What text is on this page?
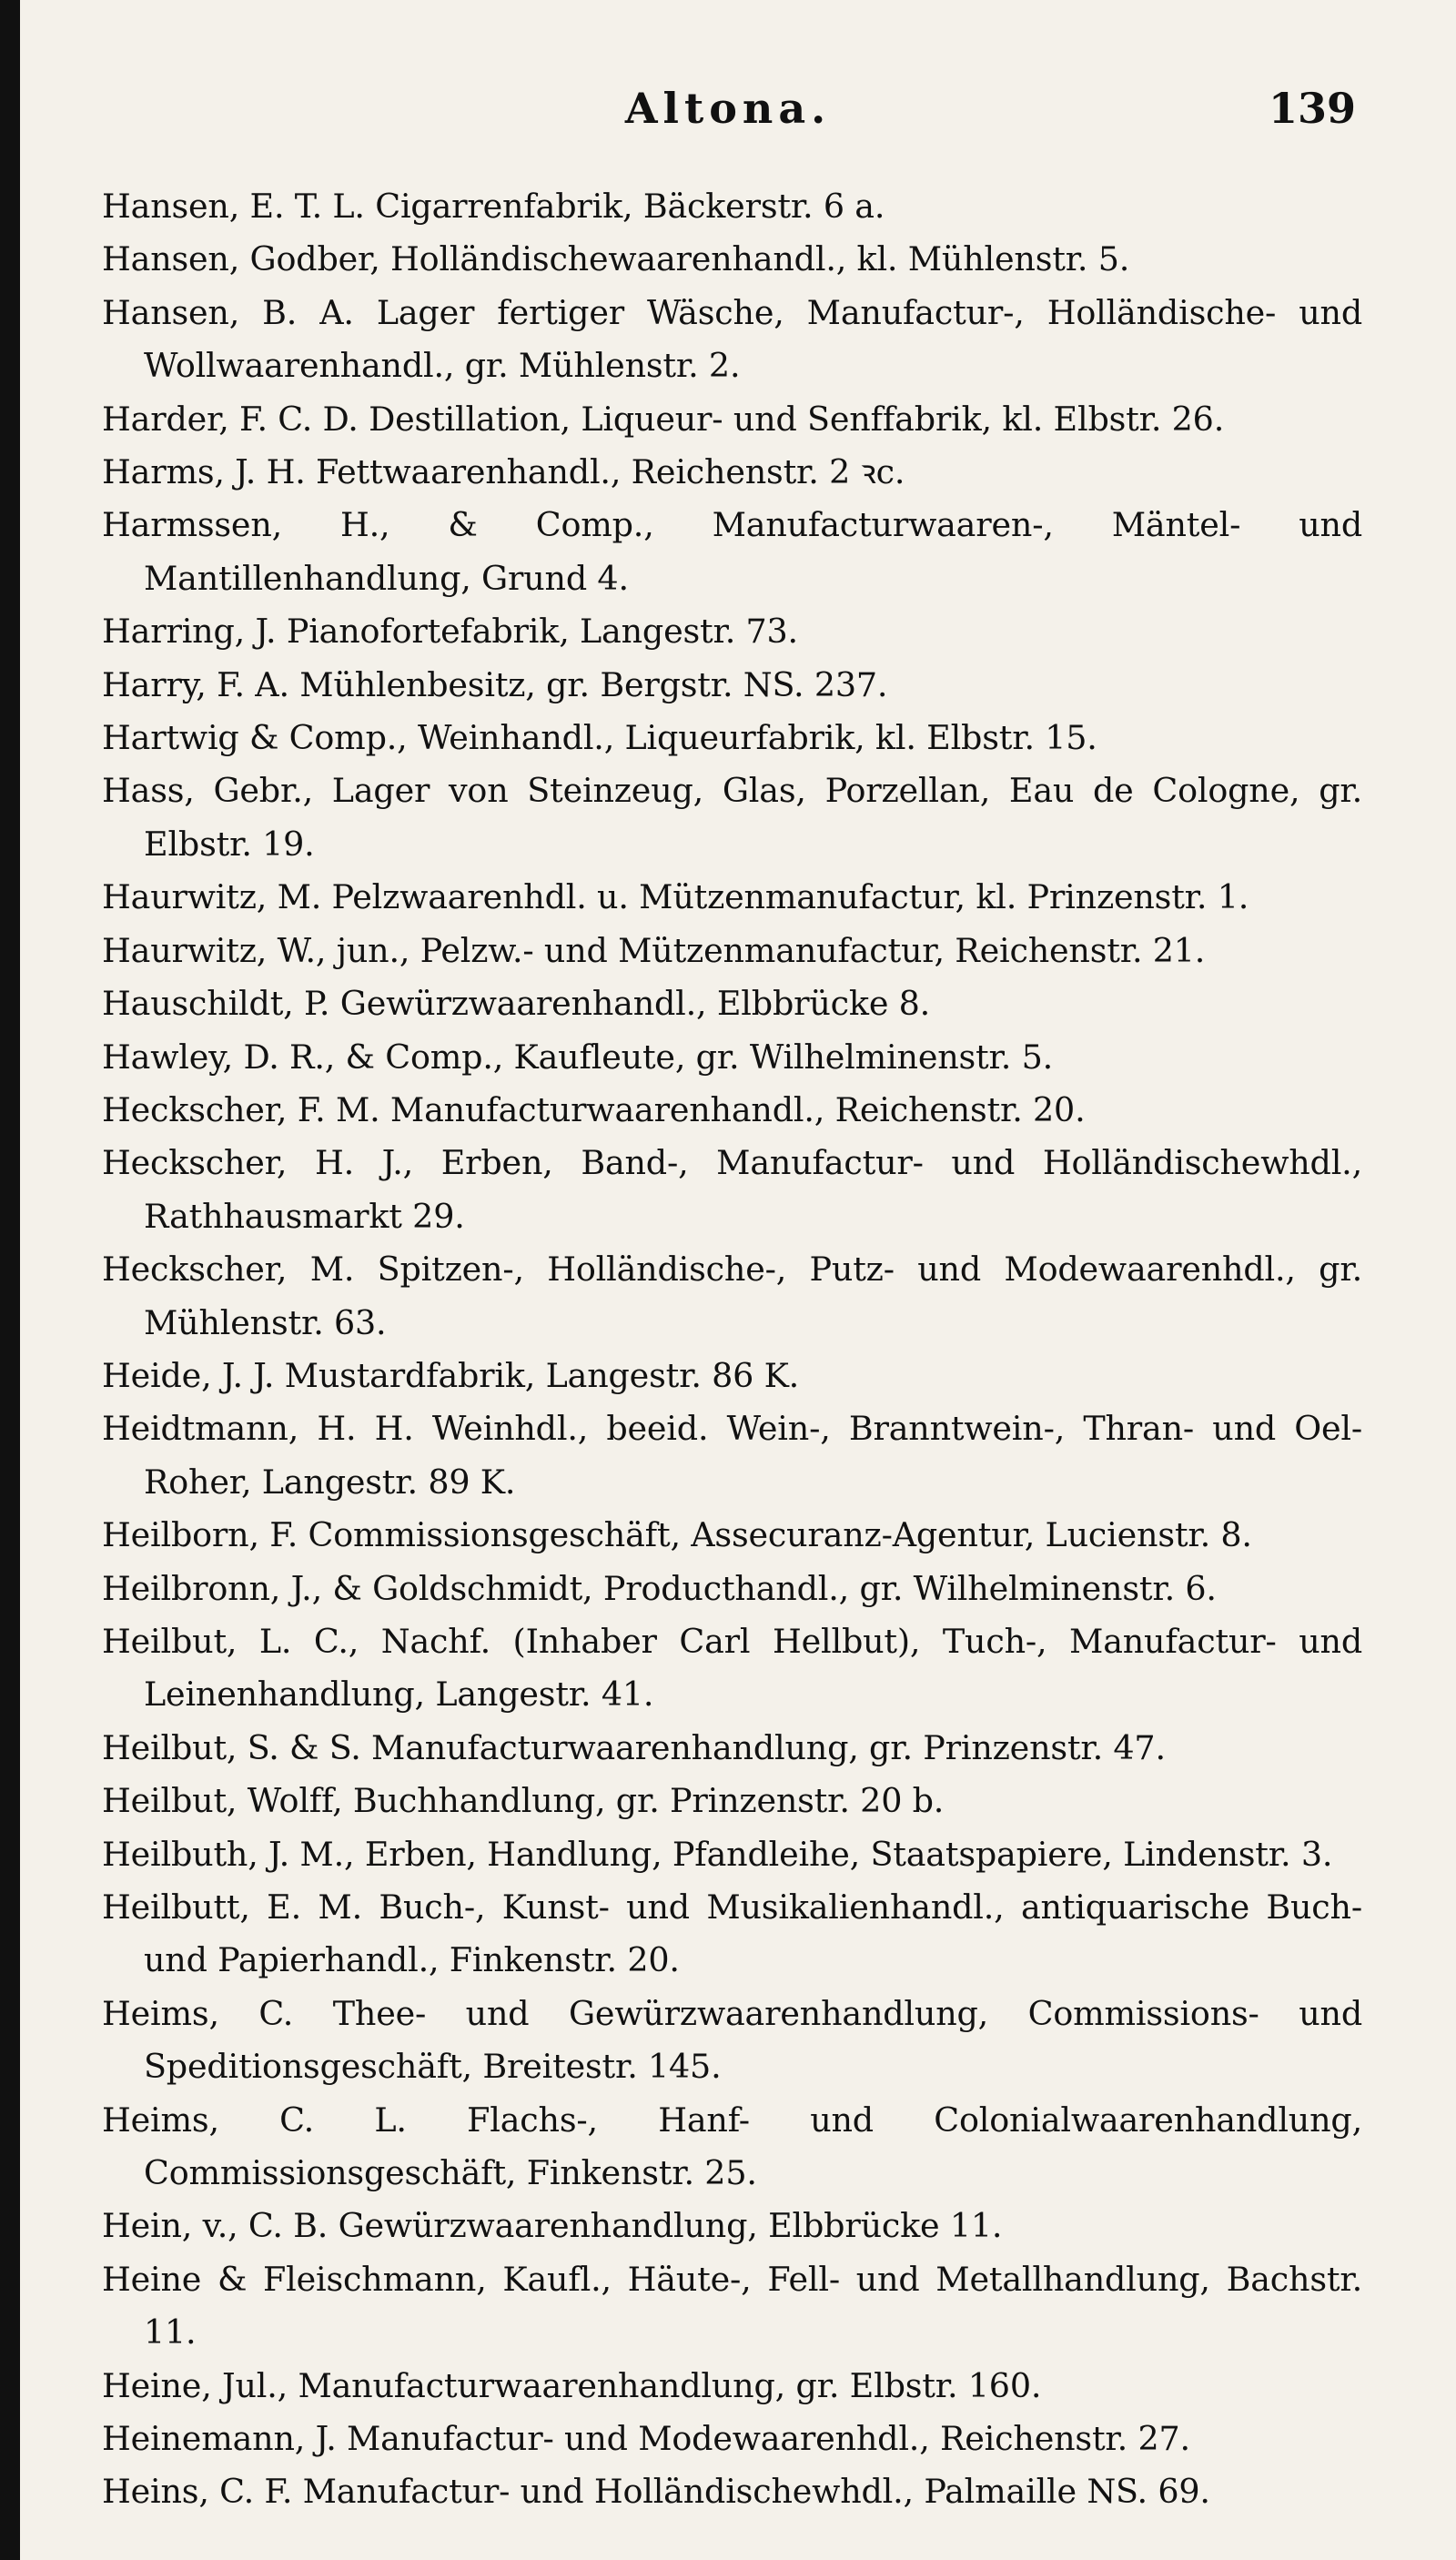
Altona.	139
Hansen, E. T. L. Cigarrenfabrik, Bäckerstr. 6 a.
Hansen, Godber, Holländischewaarenhandl., kl. Mühlenstr. 5.
Hansen, B. A. Lager fertiger Wäsche, Manufactur-, Holländische- und Wollwaarenhandl., gr. Mühlenstr. 2.
Harder, F. C. D. Destillation, Liqueur- und Senffabrik, kl. Elbstr. 26.
Harms, J. H. Fettwaarenhandl., Reichenstr. 2 ꝛc.
Harmssen, H., & Comp., Manufacturwaaren-, Mäntel- und Mantillenhandlung, Grund 4.
Harring, J. Pianofortefabrik, Langestr. 73.
Harry, F. A. Mühlenbesitz, gr. Bergstr. NS. 237.
Hartwig & Comp., Weinhandl., Liqueurfabrik, kl. Elbstr. 15.
Hass, Gebr., Lager von Steinzeug, Glas, Porzellan, Eau de Cologne, gr. Elbstr. 19.
Haurwitz, M. Pelzwaarenhdl. u. Mützenmanufactur, kl. Prinzenstr. 1.
Haurwitz, W., jun., Pelzw.- und Mützenmanufactur, Reichenstr. 21.
Hauschildt, P. Gewürzwaarenhandl., Elbbrücke 8.
Hawley, D. R., & Comp., Kaufleute, gr. Wilhelminenstr. 5.
Heckscher, F. M. Manufacturwaarenhandl., Reichenstr. 20.
Heckscher, H. J., Erben, Band-, Manufactur- und Holländischewhdl., Rathhausmarkt 29.
Heckscher, M. Spitzen-, Holländische-, Putz- und Modewaarenhdl., gr. Mühlenstr. 63.
Heide, J. J. Mustardfabrik, Langestr. 86 K.
Heidtmann, H. H. Weinhdl., beeid. Wein-, Branntwein-, Thran- und Oel-Roher, Langestr. 89 K.
Heilborn, F. Commissionsgeschäft, Assecuranz-Agentur, Lucienstr. 8.
Heilbronn, J., & Goldschmidt, Producthandl., gr. Wilhelminenstr. 6.
Heilbut, L. C., Nachf. (Inhaber Carl Hellbut), Tuch-, Manufactur- und Leinenhandlung, Langestr. 41.
Heilbut, S. & S. Manufacturwaarenhandlung, gr. Prinzenstr. 47.
Heilbut, Wolff, Buchhandlung, gr. Prinzenstr. 20 b.
Heilbuth, J. M., Erben, Handlung, Pfandleihe, Staatspapiere, Lindenstr. 3.
Heilbutt, E. M. Buch-, Kunst- und Musikalienhandl., antiquarische Buch- und Papierhandl., Finkenstr. 20.
Heims, C. Thee- und Gewürzwaarenhandlung, Commissions- und Speditionsgeschäft, Breitestr. 145.
Heims, C. L. Flachs-, Hanf- und Colonialwaarenhandlung, Commissionsgeschäft, Finkenstr. 25.
Hein, v., C. B. Gewürzwaarenhandlung, Elbbrücke 11.
Heine & Fleischmann, Kaufl., Häute-, Fell- und Metallhandlung, Bachstr. 11.
Heine, Jul., Manufacturwaarenhandlung, gr. Elbstr. 160.
Heinemann, J. Manufactur- und Modewaarenhdl., Reichenstr. 27.
Heins, C. F. Manufactur- und Holländischewhdl., Palmaille NS. 69.
